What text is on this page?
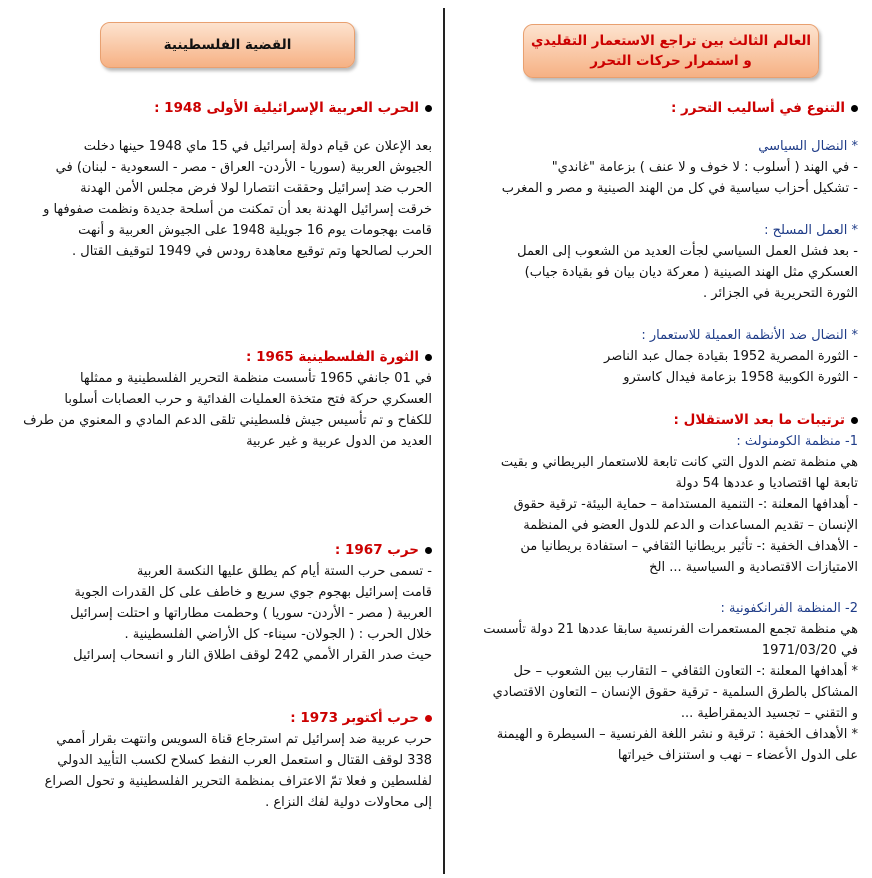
العالم الثالث بين تراجع الاستعمار التقليدي
و استمرار حركات التحرر

التنوع في أساليب التحرر :

* النضال السياسي

- في الهند ( أسلوب : لا خوف و لا عنف ) بزعامة "غاندي"

- تشكيل أحزاب سياسية في كل من الهند الصينية و مصر و المغرب

* العمل المسلح :

- بعد فشل العمل السياسي لجأت العديد من الشعوب إلى العمل

العسكري مثل الهند الصينية ( معركة ديان بيان فو بقيادة جياب)

الثورة التحريرية في الجزائر .

* النضال ضد الأنظمة العميلة للاستعمار :

- الثورة المصرية 1952 بقيادة جمال عبد الناصر

- الثورة الكوبية 1958 بزعامة فيدال كاسترو

ترتيبات ما بعد الاستقلال :

1- منظمة الكومنولث :

هي منظمة تضم الدول التي كانت تابعة للاستعمار البريطاني و بقيت

تابعة لها اقتصاديا و عددها 54 دولة

- أهدافها المعلنة :- التنمية المستدامة – حماية البيئة- ترقية حقوق

الإنسان – تقديم المساعدات و الدعم للدول العضو في المنظمة

- الأهداف الخفية :- تأثير بريطانيا الثقافي – استفادة بريطانيا من

الامتيازات الاقتصادية و السياسية ... الخ

2- المنظمة الفرانكفونية :

هي منظمة تجمع المستعمرات الفرنسية سابقا عددها 21 دولة تأسست

في 1971/03/20

* أهدافها المعلنة :- التعاون الثقافي – التقارب بين الشعوب – حل

المشاكل بالطرق السلمية - ترقية حقوق الإنسان – التعاون الاقتصادي

و التقني – تجسيد الديمقراطية ...

* الأهداف الخفية : ترقية و نشر اللغة الفرنسية – السيطرة و الهيمنة

على الدول الأعضاء – نهب و استنزاف خيراتها

القضية الفلسطينية

الحرب العربية الإسرائيلية الأولى 1948 :

بعد الإعلان عن قيام دولة إسرائيل في 15 ماي 1948 حينها دخلت

الجيوش العربية (سوريا - الأردن- العراق - مصر - السعودية - لبنان) في

الحرب ضد إسرائيل وحققت انتصارا لولا فرض مجلس الأمن الهدنة

خرقت إسرائيل الهدنة بعد أن تمكنت من أسلحة جديدة ونظمت صفوفها و

قامت بهجومات يوم 16 جويلية 1948 على الجيوش العربية و أنهت

الحرب لصالحها وتم توقيع معاهدة رودس في 1949 لتوقيف القتال .

الثورة الفلسطينية 1965 :

في 01 جانفي 1965 تأسست منظمة التحرير الفلسطينية و ممثلها

العسكري حركة فتح متخذة العمليات الفدائية و حرب العصابات أسلوبا

للكفاح و تم تأسيس جيش فلسطيني تلقى الدعم المادي و المعنوي من طرف

العديد من الدول عربية و غير عربية

حرب 1967 :

- تسمى حرب الستة أيام كم يطلق عليها النكسة العربية

قامت إسرائيل بهجوم جوي سريع و خاطف على كل القدرات الجوية

العربية ( مصر - الأردن- سوريا ) وحطمت مطاراتها و احتلت إسرائيل

خلال الحرب : ( الجولان- سيناء- كل الأراضي الفلسطينية .

حيث صدر القرار الأممي 242 لوقف اطلاق النار و انسحاب إسرائيل

حرب أكتوبر 1973 :

حرب عربية ضد إسرائيل تم استرجاع قناة السويس وانتهت بقرار أممي

338 لوقف القتال و استعمل العرب النفط كسلاح لكسب التأييد الدولي

لفلسطين و فعلا تمّ الاعتراف بمنظمة التحرير الفلسطينية و تحول الصراع

إلى محاولات دولية لفك النزاع .
